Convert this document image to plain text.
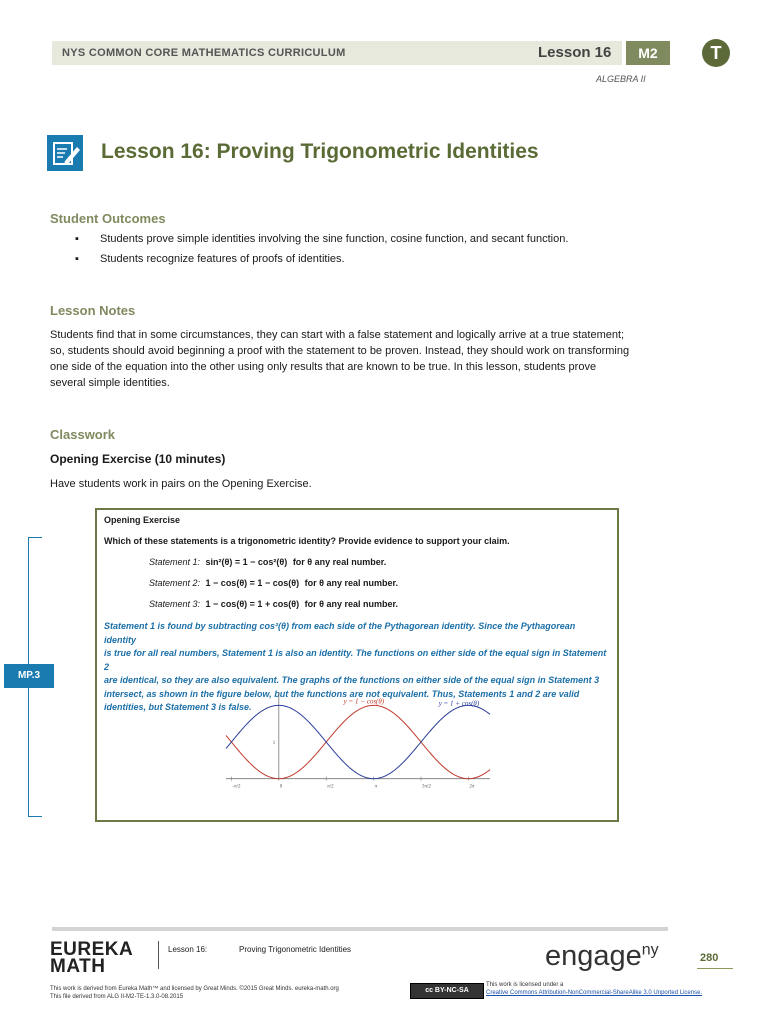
NYS COMMON CORE MATHEMATICS CURRICULUM	Lesson 16	M2
ALGEBRA II
T
Lesson 16: Proving Trigonometric Identities
Student Outcomes
▪ Students prove simple identities involving the sine function, cosine function, and secant function.
▪ Students recognize features of proofs of identities.
Lesson Notes
Students find that in some circumstances, they can start with a false statement and logically arrive at a true statement;
so, students should avoid beginning a proof with the statement to be proven. Instead, they should work on transforming
one side of the equation into the other using only results that are known to be true. In this lesson, students prove
several simple identities.
Classwork
Opening Exercise (10 minutes)
Have students work in pairs on the Opening Exercise.
MP.3
Opening Exercise
Which of these statements is a trigonometric identity? Provide evidence to support your claim.
Statement 1: sin²(θ) = 1 − cos²(θ) for θ any real number.
Statement 2: 1 − cos(θ) = 1 − cos(θ) for θ any real number.
Statement 3: 1 − cos(θ) = 1 + cos(θ) for θ any real number.
Statement 1 is found by subtracting cos²(θ) from each side of the Pythagorean identity. Since the Pythagorean identity
is true for all real numbers, Statement 1 is also an identity. The functions on either side of the equal sign in Statement 2
are identical, so they are also equivalent. The graphs of the functions on either side of the equal sign in Statement 3
intersect, as shown in the figure below, but the functions are not equivalent. Thus, Statements 1 and 2 are valid
identities, but Statement 3 is false.
-π/2	0	π/2	π	3π/2	2π
1
y = 1 − cos(θ)	y = 1 + cos(θ)
EUREKA
MATH
Lesson 16:	Proving Trigonometric Identities	engage$^{ny}$	280
This work is derived from Eureka Math™ and licensed by Great Minds. ©2015 Great Minds. eureka-math.org
This file derived from ALG II-M2-TE-1.3.0-08.2015
cc BY-NC-SA
This work is licensed under a
Creative Commons Attribution-NonCommercial-ShareAlike 3.0 Unported License.
